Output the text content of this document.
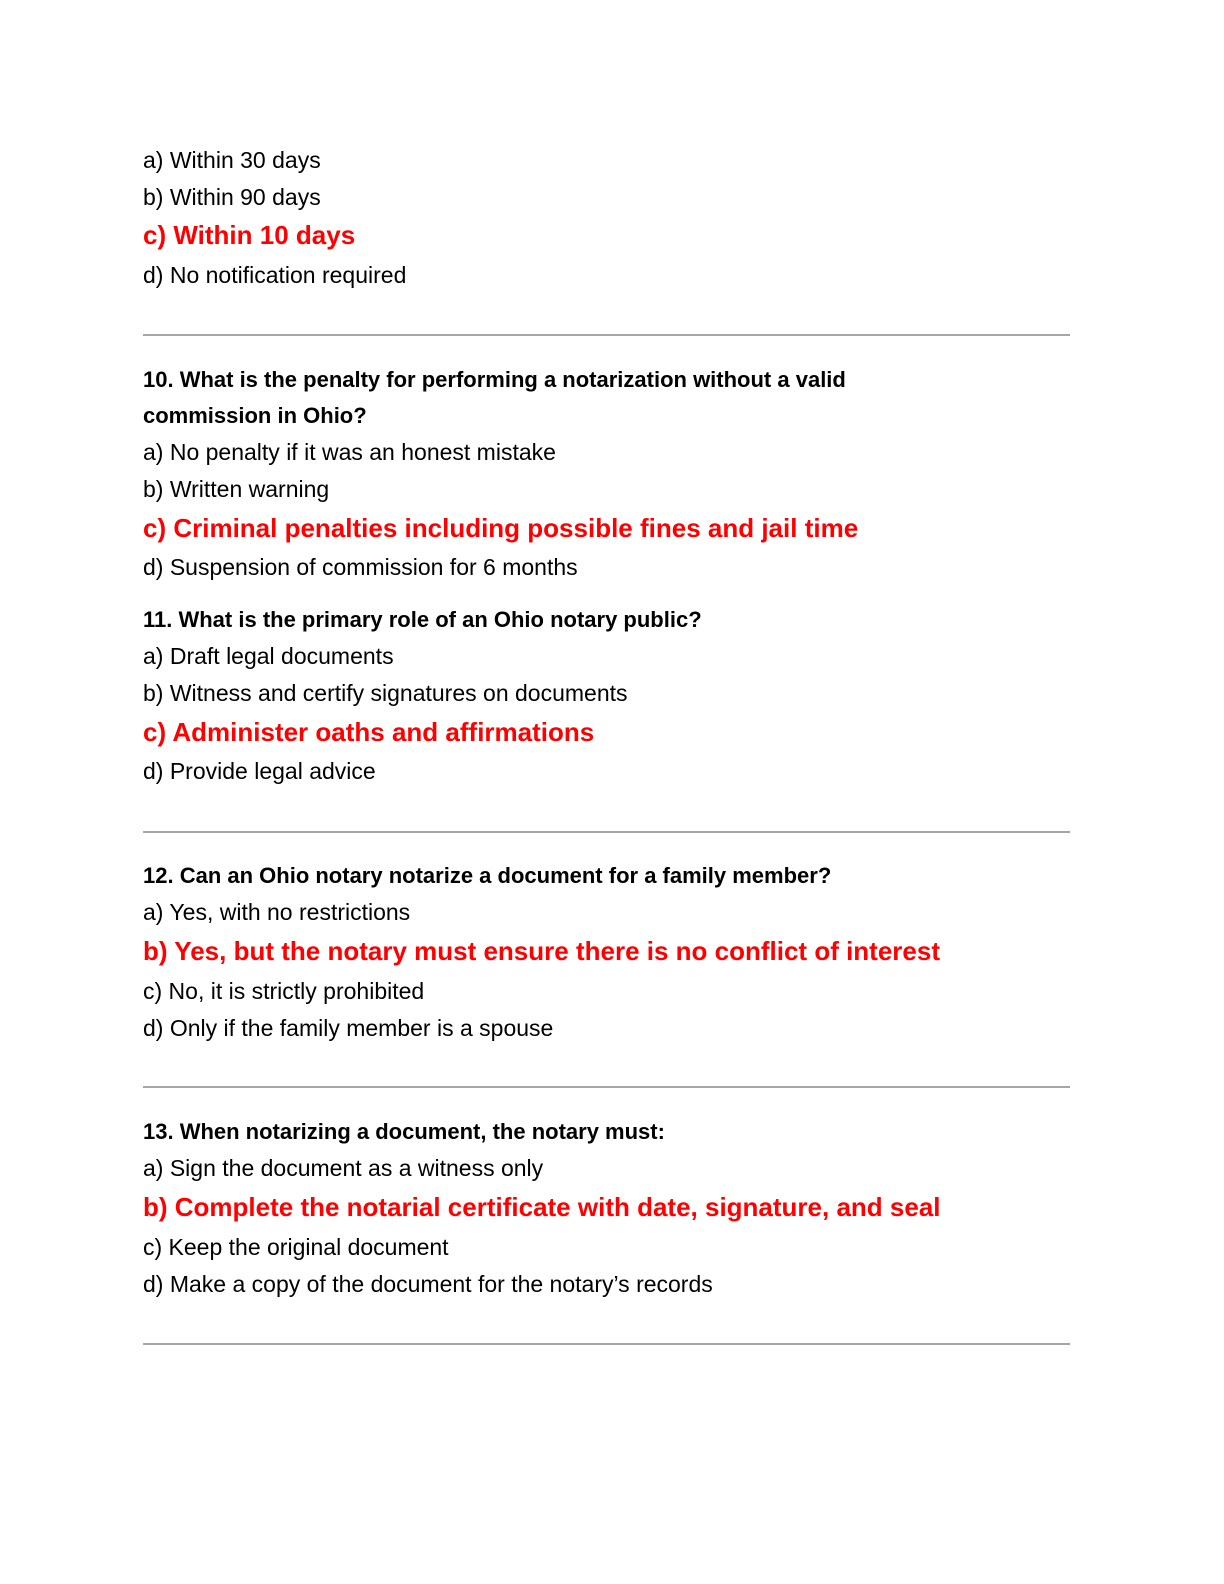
a) Within 30 days
b) Within 90 days
c) Within 10 days
d) No notification required
10. What is the penalty for performing a notarization without a valid
commission in Ohio?
a) No penalty if it was an honest mistake
b) Written warning
c) Criminal penalties including possible fines and jail time
d) Suspension of commission for 6 months
11. What is the primary role of an Ohio notary public?
a) Draft legal documents
b) Witness and certify signatures on documents
c) Administer oaths and affirmations
d) Provide legal advice
12. Can an Ohio notary notarize a document for a family member?
a) Yes, with no restrictions
b) Yes, but the notary must ensure there is no conflict of interest
c) No, it is strictly prohibited
d) Only if the family member is a spouse
13. When notarizing a document, the notary must:
a) Sign the document as a witness only
b) Complete the notarial certificate with date, signature, and seal
c) Keep the original document
d) Make a copy of the document for the notary’s records
